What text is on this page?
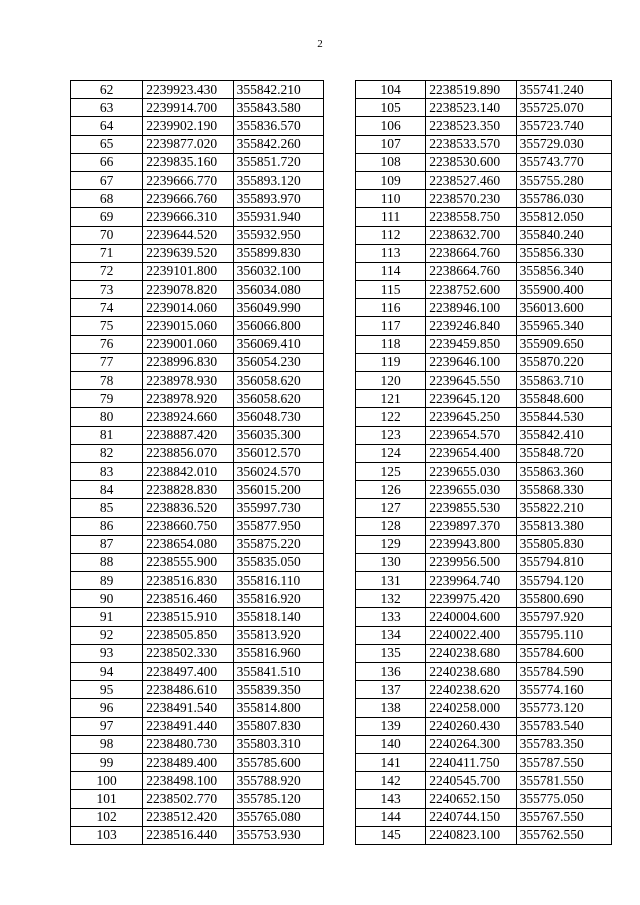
2
62	2239923.430	355842.210
63	2239914.700	355843.580
64	2239902.190	355836.570
65	2239877.020	355842.260
66	2239835.160	355851.720
67	2239666.770	355893.120
68	2239666.760	355893.970
69	2239666.310	355931.940
70	2239644.520	355932.950
71	2239639.520	355899.830
72	2239101.800	356032.100
73	2239078.820	356034.080
74	2239014.060	356049.990
75	2239015.060	356066.800
76	2239001.060	356069.410
77	2238996.830	356054.230
78	2238978.930	356058.620
79	2238978.920	356058.620
80	2238924.660	356048.730
81	2238887.420	356035.300
82	2238856.070	356012.570
83	2238842.010	356024.570
84	2238828.830	356015.200
85	2238836.520	355997.730
86	2238660.750	355877.950
87	2238654.080	355875.220
88	2238555.900	355835.050
89	2238516.830	355816.110
90	2238516.460	355816.920
91	2238515.910	355818.140
92	2238505.850	355813.920
93	2238502.330	355816.960
94	2238497.400	355841.510
95	2238486.610	355839.350
96	2238491.540	355814.800
97	2238491.440	355807.830
98	2238480.730	355803.310
99	2238489.400	355785.600
100	2238498.100	355788.920
101	2238502.770	355785.120
102	2238512.420	355765.080
103	2238516.440	355753.930
104	2238519.890	355741.240
105	2238523.140	355725.070
106	2238523.350	355723.740
107	2238533.570	355729.030
108	2238530.600	355743.770
109	2238527.460	355755.280
110	2238570.230	355786.030
111	2238558.750	355812.050
112	2238632.700	355840.240
113	2238664.760	355856.330
114	2238664.760	355856.340
115	2238752.600	355900.400
116	2238946.100	356013.600
117	2239246.840	355965.340
118	2239459.850	355909.650
119	2239646.100	355870.220
120	2239645.550	355863.710
121	2239645.120	355848.600
122	2239645.250	355844.530
123	2239654.570	355842.410
124	2239654.400	355848.720
125	2239655.030	355863.360
126	2239655.030	355868.330
127	2239855.530	355822.210
128	2239897.370	355813.380
129	2239943.800	355805.830
130	2239956.500	355794.810
131	2239964.740	355794.120
132	2239975.420	355800.690
133	2240004.600	355797.920
134	2240022.400	355795.110
135	2240238.680	355784.600
136	2240238.680	355784.590
137	2240238.620	355774.160
138	2240258.000	355773.120
139	2240260.430	355783.540
140	2240264.300	355783.350
141	2240411.750	355787.550
142	2240545.700	355781.550
143	2240652.150	355775.050
144	2240744.150	355767.550
145	2240823.100	355762.550
